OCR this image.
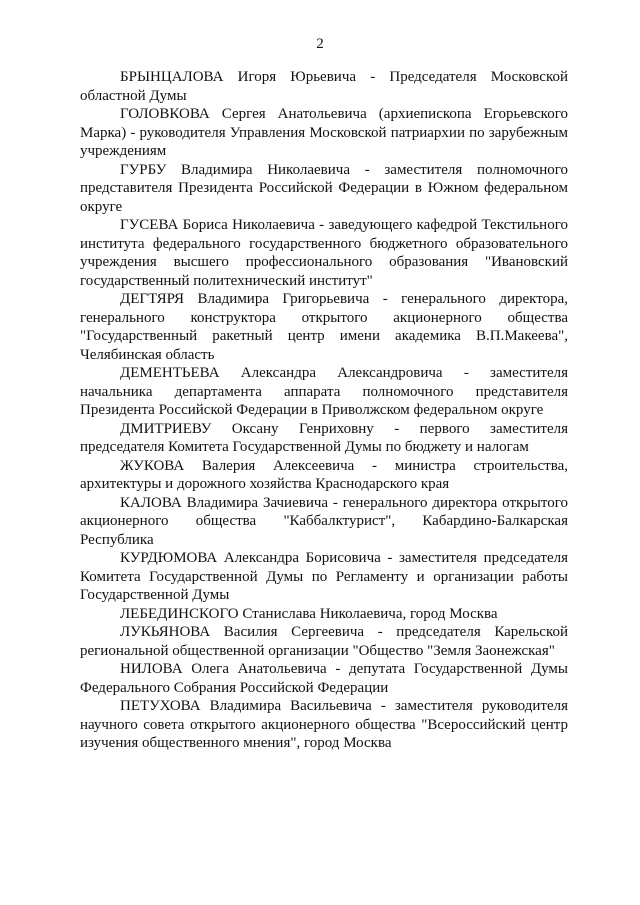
2

БРЫНЦАЛОВА Игоря Юрьевича - Председателя Московской областной Думы

ГОЛОВКОВА Сергея Анатольевича (архиепископа Егорьевского Марка) - руководителя Управления Московской патриархии по зарубежным учреждениям

ГУРБУ Владимира Николаевича - заместителя полномочного представителя Президента Российской Федерации в Южном федеральном округе

ГУСЕВА Бориса Николаевича - заведующего кафедрой Текстильного института федерального государственного бюджетного образовательного учреждения высшего профессионального образования "Ивановский государственный политехнический институт"

ДЕГТЯРЯ Владимира Григорьевича - генерального директора, генерального конструктора открытого акционерного общества "Государственный ракетный центр имени академика В.П.Макеева", Челябинская область

ДЕМЕНТЬЕВА Александра Александровича - заместителя начальника департамента аппарата полномочного представителя Президента Российской Федерации в Приволжском федеральном округе

ДМИТРИЕВУ Оксану Генриховну - первого заместителя председателя Комитета Государственной Думы по бюджету и налогам

ЖУКОВА Валерия Алексеевича - министра строительства, архитектуры и дорожного хозяйства Краснодарского края

КАЛОВА Владимира Зачиевича - генерального директора открытого акционерного общества "Каббалктурист", Кабардино-Балкарская Республика

КУРДЮМОВА Александра Борисовича - заместителя председателя Комитета Государственной Думы по Регламенту и организации работы Государственной Думы

ЛЕБЕДИНСКОГО Станислава Николаевича, город Москва

ЛУКЬЯНОВА Василия Сергеевича - председателя Карельской региональной общественной организации "Общество "Земля Заонежская"

НИЛОВА Олега Анатольевича - депутата Государственной Думы Федерального Собрания Российской Федерации

ПЕТУХОВА Владимира Васильевича - заместителя руководителя научного совета открытого акционерного общества "Всероссийский центр изучения общественного мнения", город Москва
